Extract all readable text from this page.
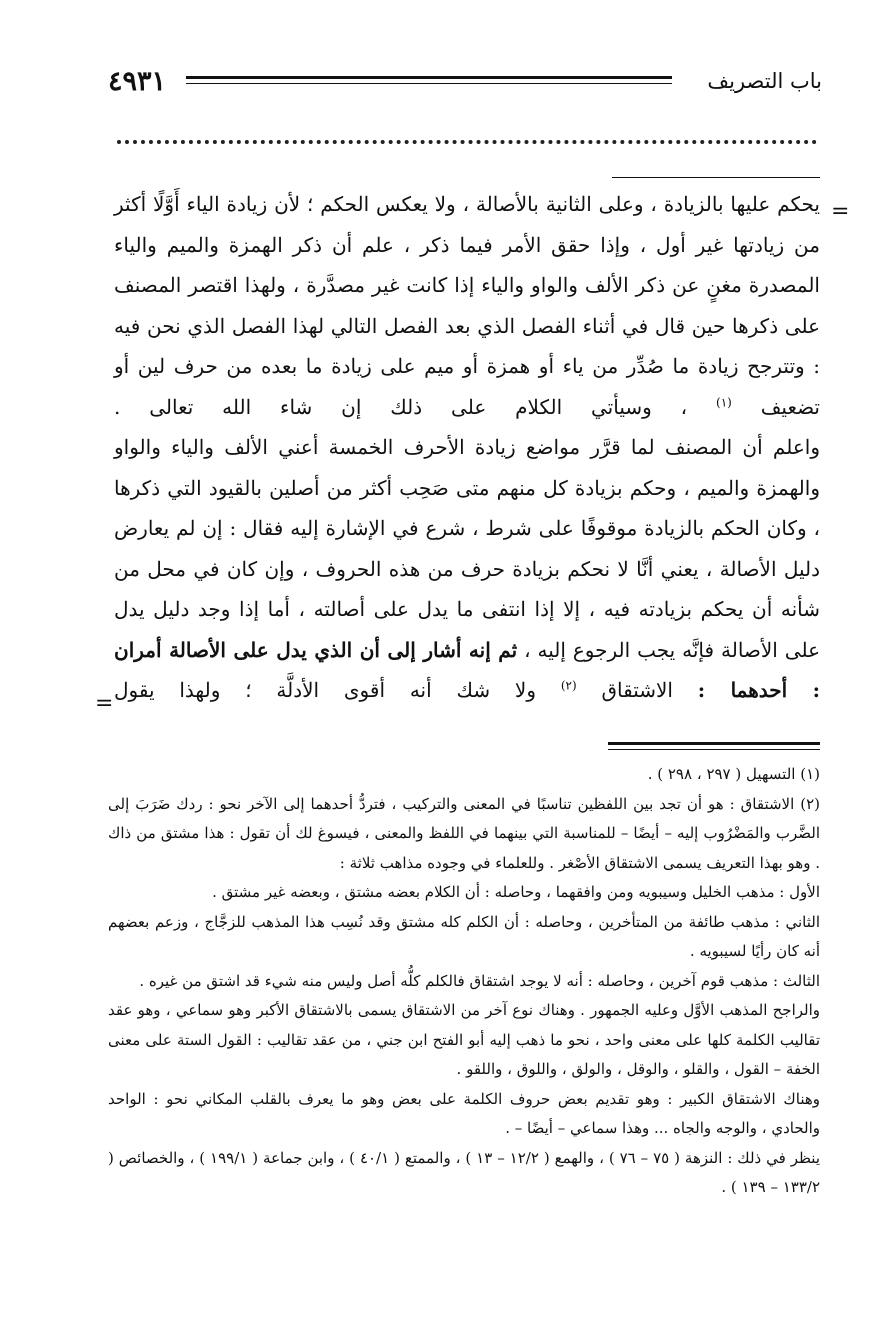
٤٩٣١	باب التصريف
=

يحكم عليها بالزيادة ، وعلى الثانية بالأصالة ، ولا يعكس الحكم ؛ لأن زيادة الياء أَوَّلًا أكثر من زيادتها غير أول ، وإذا حقق الأمر فيما ذكر ، علم أن ذكر الهمزة والميم والياء المصدرة مغنٍ عن ذكر الألف والواو والياء إذا كانت غير مصدَّرة ، ولهذا اقتصر المصنف على ذكرها حين قال في أثناء الفصل الذي بعد الفصل التالي لهذا الفصل الذي نحن فيه : وتترجح زيادة ما صُدِّر من ياء أو همزة أو ميم على زيادة ما بعده من حرف لين أو تضعيف $^{(١)}$ ، وسيأتي الكلام على ذلك إن شاء الله تعالى .

واعلم أن المصنف لما قرَّر مواضع زيادة الأحرف الخمسة أعني الألف والياء والواو والهمزة والميم ، وحكم بزيادة كل منهم متى صَحِب أكثر من أصلين بالقيود التي ذكرها ، وكان الحكم بالزيادة موقوفًا على شرط ، شرع في الإشارة إليه فقال : إن لم يعارض دليل الأصالة ، يعني أنَّا لا نحكم بزيادة حرف من هذه الحروف ، وإن كان في محل من شأنه أن يحكم بزيادته فيه ، إلا إذا انتفى ما يدل على أصالته ، أما إذا وجد دليل يدل على الأصالة فإنَّه يجب الرجوع إليه ، ثم إنه أشار إلى أن الذي يدل على الأصالة أمران : أحدهما : الاشتقاق $^{(٢)}$ ولا شك أنه أقوى الأدلَّة ؛ ولهذا يقول

=

(١) التسهيل ( ٢٩٧ ، ٢٩٨ ) .

(٢) الاشتقاق : هو أن تجد بين اللفظين تناسبًا في المعنى والتركيب ، فتردُّ أحدهما إلى الآخر نحو : ردك ضَرَبَ إلى الضَّرب والمَضْرُوب إليه – أيضًا – للمناسبة التي بينهما في اللفظ والمعنى ، فيسوغ لك أن تقول : هذا مشتق من ذاك . وهو بهذا التعريف يسمى الاشتقاق الأصْغر . وللعلماء في وجوده مذاهب ثلاثة :

الأول : مذهب الخليل وسيبويه ومن وافقهما ، وحاصله : أن الكلام بعضه مشتق ، وبعضه غير مشتق .

الثاني : مذهب طائفة من المتأخرين ، وحاصله : أن الكلم كله مشتق وقد نُسِب هذا المذهب للزجَّاج ، وزعم بعضهم أنه كان رأيًا لسيبويه .

الثالث : مذهب قوم آخرين ، وحاصله : أنه لا يوجد اشتقاق فالكلم كلُّه أصل وليس منه شيء قد اشتق من غيره .

والراجح المذهب الأوَّل وعليه الجمهور . وهناك نوع آخر من الاشتقاق يسمى بالاشتقاق الأكبر وهو سماعي ، وهو عقد تقاليب الكلمة كلها على معنى واحد ، نحو ما ذهب إليه أبو الفتح ابن جني ، من عقد تقاليب : القول الستة على معنى الخفة – القول ، والقلو ، والوقل ، والولق ، واللوق ، واللقو .

وهناك الاشتقاق الكبير : وهو تقديم بعض حروف الكلمة على بعض وهو ما يعرف بالقلب المكاني نحو : الواحد والحادي ، والوجه والجاه ... وهذا سماعي – أيضًا – .

ينظر في ذلك : النزهة ( ٧٥ – ٧٦ ) ، والهمع ( ١٢/٢ – ١٣ ) ، والممتع ( ٤٠/١ ) ، وابن جماعة ( ١٩٩/١ ) ، والخصائص ( ١٣٣/٢ – ١٣٩ ) .
